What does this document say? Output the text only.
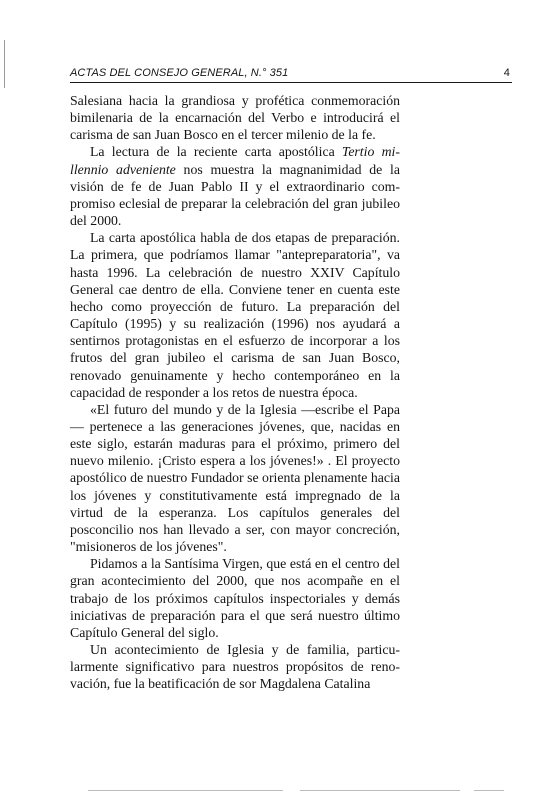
ACTAS DEL CONSEJO GENERAL, N.° 351	4

Salesiana hacia la grandiosa y profética conmemoración bimilenaria de la encarnación del Verbo e introducirá el carisma de san Juan Bosco en el tercer milenio de la fe.

La lectura de la reciente carta apostólica Tertio millennio adveniente nos muestra la magnanimidad de la visión de fe de Juan Pablo II y el extraordinario compromiso eclesial de preparar la celebración del gran jubileo del 2000.

La carta apostólica habla de dos etapas de preparación. La primera, que podríamos llamar "antepreparatoria", va hasta 1996. La celebración de nuestro XXIV Capítulo General cae dentro de ella. Conviene tener en cuenta este hecho como proyección de futuro. La preparación del Capítulo (1995) y su realización (1996) nos ayudará a sentirnos protagonistas en el esfuerzo de incorporar a los frutos del gran jubileo el carisma de san Juan Bosco, renovado genuinamente y hecho contemporáneo en la capacidad de responder a los retos de nuestra época.

«El futuro del mundo y de la Iglesia —escribe el Papa— pertenece a las generaciones jóvenes, que, nacidas en este siglo, estarán maduras para el próximo, primero del nuevo milenio. ¡Cristo espera a los jóvenes!» . El proyecto apostólico de nuestro Fundador se orienta plenamente hacia los jóvenes y constitutivamente está impregnado de la virtud de la esperanza. Los capítulos generales del posconcilio nos han llevado a ser, con mayor concreción, "misioneros de los jóvenes".

Pidamos a la Santísima Virgen, que está en el centro del gran acontecimiento del 2000, que nos acompañe en el trabajo de los próximos capítulos inspectoriales y demás iniciativas de preparación para el que será nuestro último Capítulo General del siglo.

Un acontecimiento de Iglesia y de familia, particularmente significativo para nuestros propósitos de renovación, fue la beatificación de sor Magdalena Catalina
